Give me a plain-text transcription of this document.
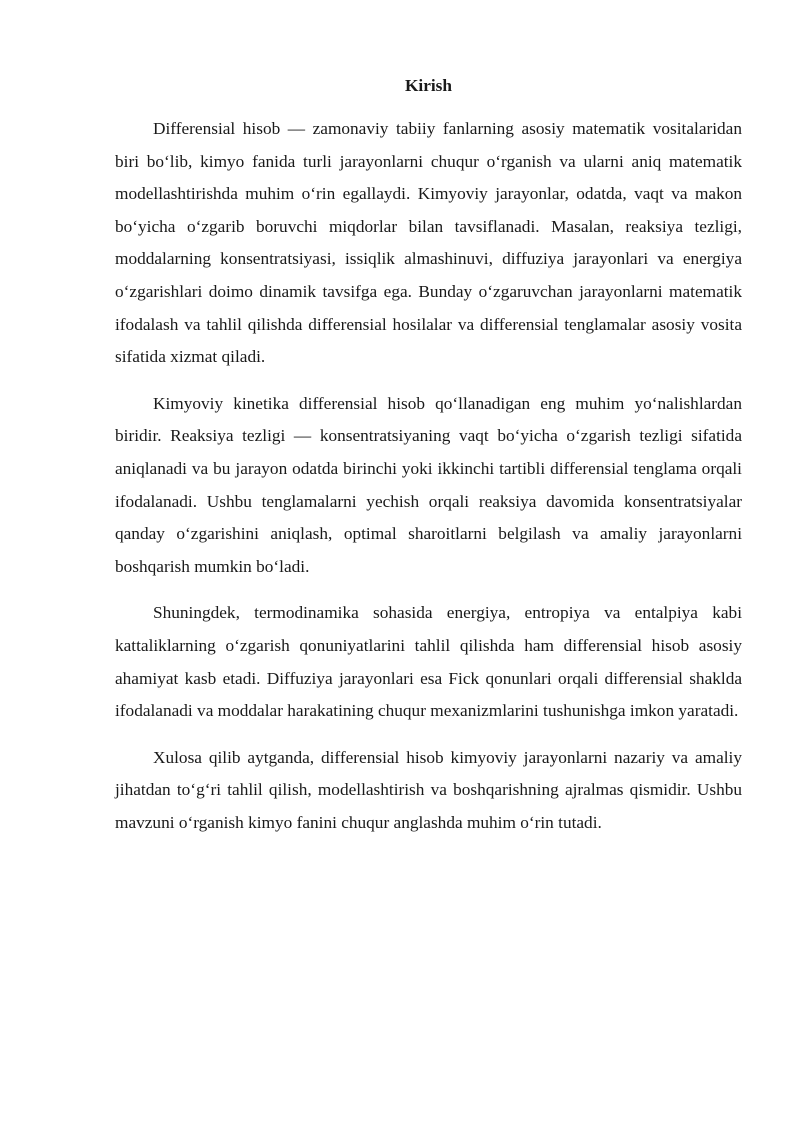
Kirish

Differensial hisob — zamonaviy tabiiy fanlarning asosiy matematik vositalaridan biri bo‘lib, kimyo fanida turli jarayonlarni chuqur o‘rganish va ularni aniq matematik modellashtirishda muhim o‘rin egallaydi. Kimyoviy jarayonlar, odatda, vaqt va makon bo‘yicha o‘zgarib boruvchi miqdorlar bilan tavsiflanadi. Masalan, reaksiya tezligi, moddalarning konsentratsiyasi, issiqlik almashinuvi, diffuziya jarayonlari va energiya o‘zgarishlari doimo dinamik tavsifga ega. Bunday o‘zgaruvchan jarayonlarni matematik ifodalash va tahlil qilishda differensial hosilalar va differensial tenglamalar asosiy vosita sifatida xizmat qiladi.

Kimyoviy kinetika differensial hisob qo‘llanadigan eng muhim yo‘nalishlardan biridir. Reaksiya tezligi — konsentratsiyaning vaqt bo‘yicha o‘zgarish tezligi sifatida aniqlanadi va bu jarayon odatda birinchi yoki ikkinchi tartibli differensial tenglama orqali ifodalanadi. Ushbu tenglamalarni yechish orqali reaksiya davomida konsentratsiyalar qanday o‘zgarishini aniqlash, optimal sharoitlarni belgilash va amaliy jarayonlarni boshqarish mumkin bo‘ladi.

Shuningdek, termodinamika sohasida energiya, entropiya va entalpiya kabi kattaliklarning o‘zgarish qonuniyatlarini tahlil qilishda ham differensial hisob asosiy ahamiyat kasb etadi. Diffuziya jarayonlari esa Fick qonunlari orqali differensial shaklda ifodalanadi va moddalar harakatining chuqur mexanizmlarini tushunishga imkon yaratadi.

Xulosa qilib aytganda, differensial hisob kimyoviy jarayonlarni nazariy va amaliy jihatdan to‘g‘ri tahlil qilish, modellashtirish va boshqarishning ajralmas qismidir. Ushbu mavzuni o‘rganish kimyo fanini chuqur anglashda muhim o‘rin tutadi.
